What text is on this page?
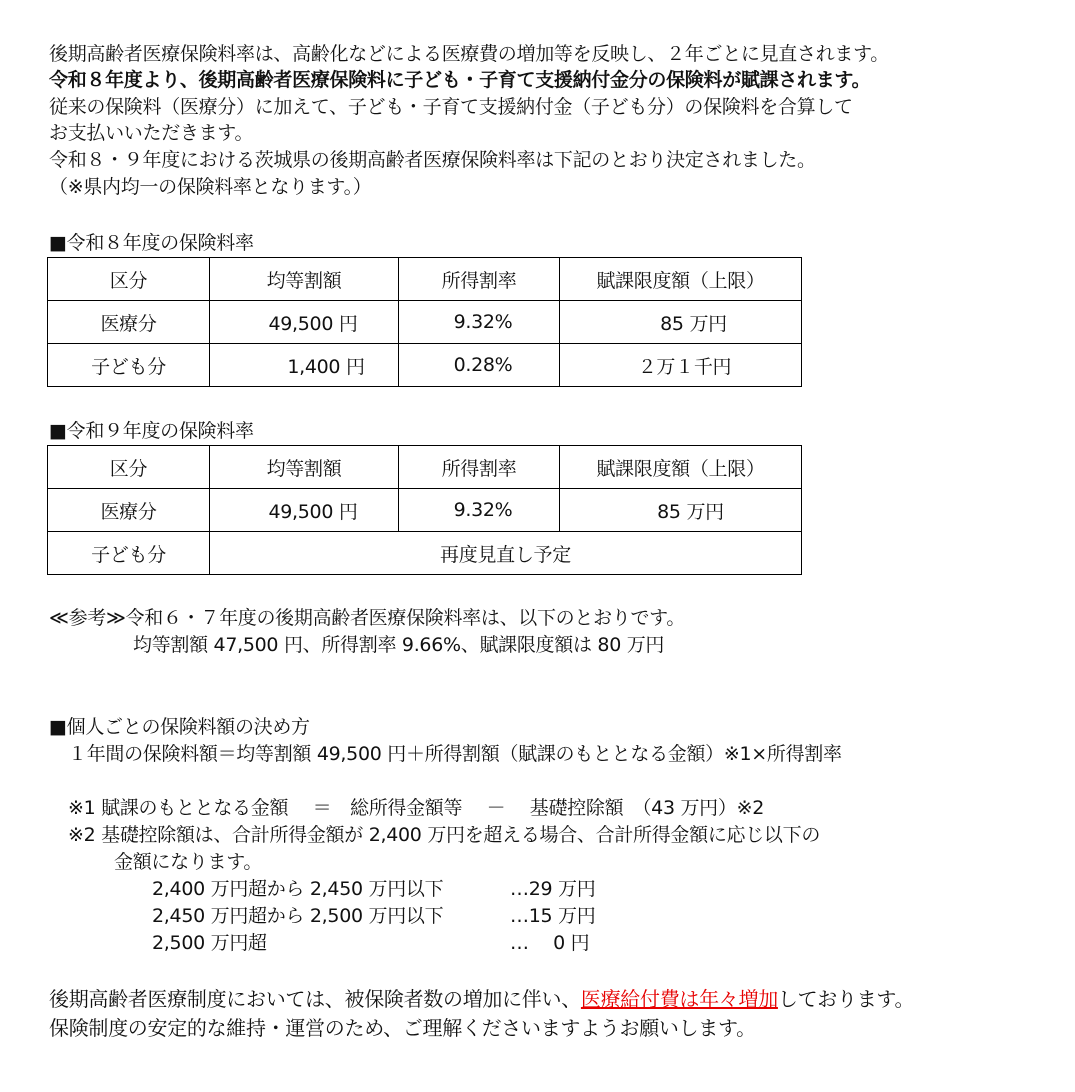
後期高齢者医療保険料率は、高齢化などによる医療費の増加等を反映し、２年ごとに見直されます。
令和８年度より、後期高齢者医療保険料に子ども・子育て支援納付金分の保険料が賦課されます。
従来の保険料（医療分）に加えて、子ども・子育て支援納付金（子ども分）の保険料を合算して
お支払いいただきます。
令和８・９年度における茨城県の後期高齢者医療保険料率は下記のとおり決定されました。
（※県内均一の保険料率となります。）
■令和８年度の保険料率
区分	均等割額	所得割率	賦課限度額（上限）
医療分	49,500 円	9.32%	85 万円
子ども分	1,400 円	0.28%	２万１千円
■令和９年度の保険料率
区分	均等割額	所得割率	賦課限度額（上限）
医療分	49,500 円	9.32%	85 万円
子ども分	再度見直し予定		
≪参考≫令和６・７年度の後期高齢者医療保険料率は、以下のとおりです。
均等割額 47,500 円、所得割率 9.66%、賦課限度額は 80 万円
■個人ごとの保険料額の決め方
１年間の保険料額＝均等割額 49,500 円＋所得割額（賦課のもととなる金額）※1×所得割率
※1 賦課のもととなる金額　 ＝　総所得金額等　 －　 基礎控除額　（43 万円）※2
※2 基礎控除額は、合計所得金額が 2,400 万円を超える場合、合計所得金額に応じ以下の
金額になります。
2,400 万円超から 2,450 万円以下	…29 万円
2,450 万円超から 2,500 万円以下	…15 万円
2,500 万円超	…　 0 円
後期高齢者医療制度においては、被保険者数の増加に伴い、医療給付費は年々増加しております。
保険制度の安定的な維持・運営のため、ご理解くださいますようお願いします。
